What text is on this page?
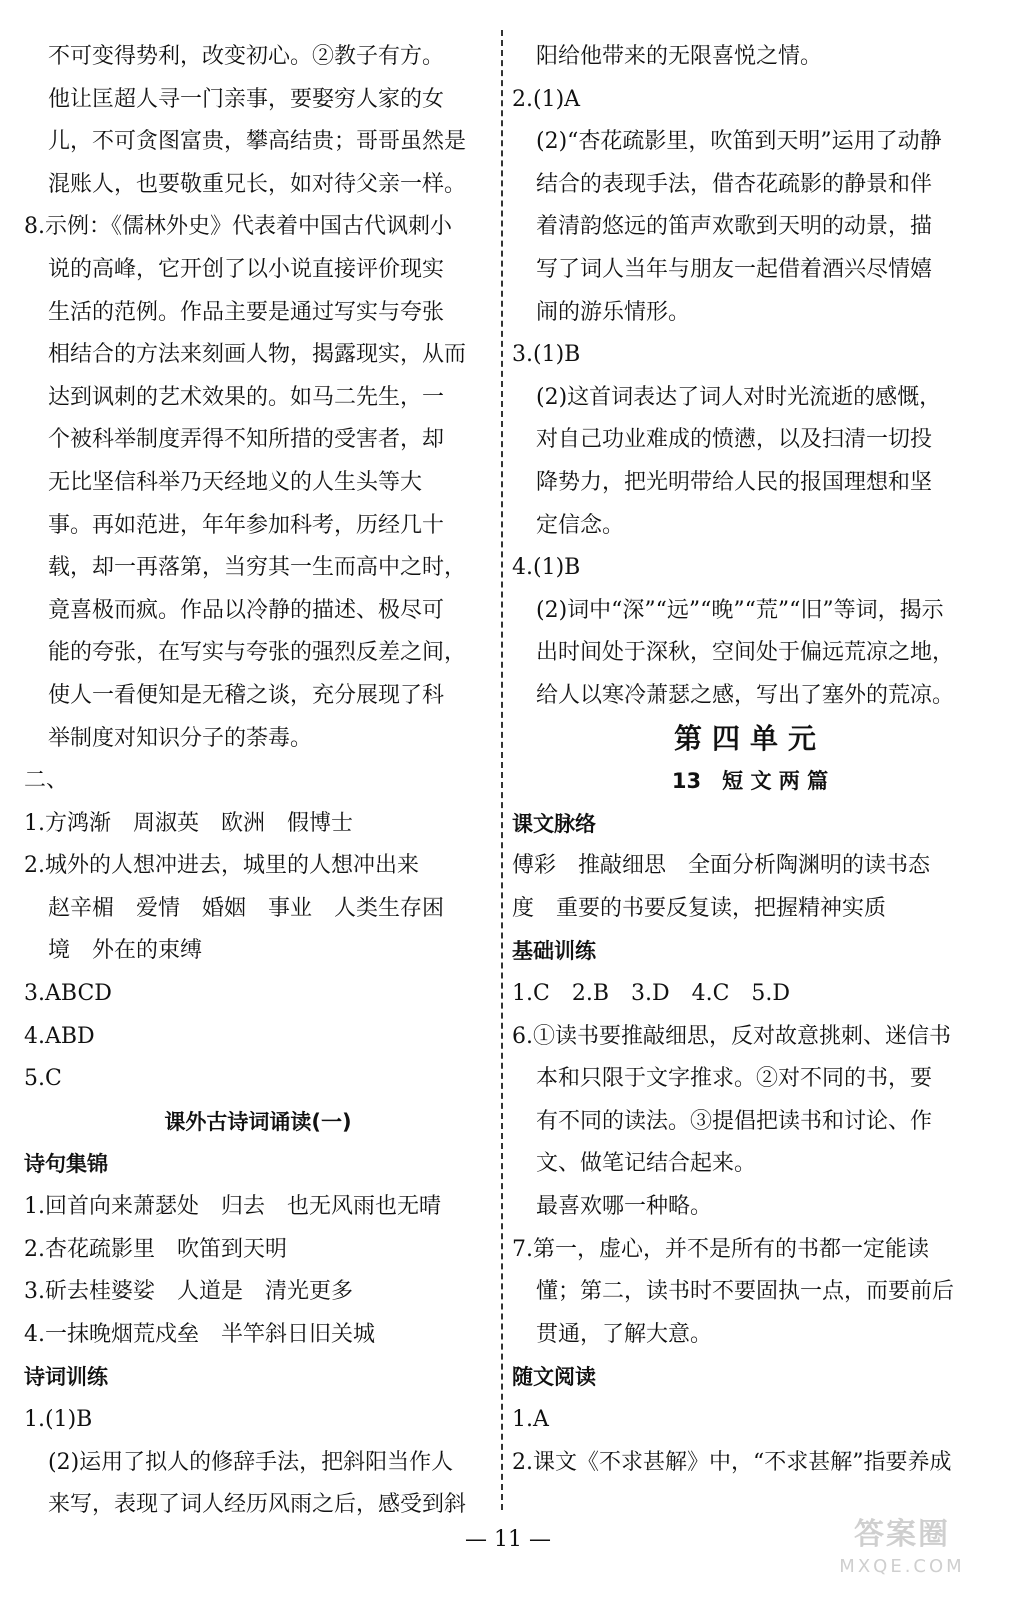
不可变得势利，改变初心。②教子有方。
他让匡超人寻一门亲事，要娶穷人家的女
儿，不可贪图富贵，攀高结贵；哥哥虽然是
混账人，也要敬重兄长，如对待父亲一样。
8.示例：《儒林外史》代表着中国古代讽刺小
说的高峰，它开创了以小说直接评价现实
生活的范例。作品主要是通过写实与夸张
相结合的方法来刻画人物，揭露现实，从而
达到讽刺的艺术效果的。如马二先生，一
个被科举制度弄得不知所措的受害者，却
无比坚信科举乃天经地义的人生头等大
事。再如范进，年年参加科考，历经几十
载，却一再落第，当穷其一生而高中之时，
竟喜极而疯。作品以冷静的描述、极尽可
能的夸张，在写实与夸张的强烈反差之间，
使人一看便知是无稽之谈，充分展现了科
举制度对知识分子的荼毒。
二、
1.方鸿渐　周淑英　欧洲　假博士
2.城外的人想冲进去，城里的人想冲出来
赵辛楣　爱情　婚姻　事业　人类生存困
境　外在的束缚
3.ABCD
4.ABD
5.C
课外古诗词诵读(一)
诗句集锦
1.回首向来萧瑟处　归去　也无风雨也无晴
2.杏花疏影里　吹笛到天明
3.斫去桂婆娑　人道是　清光更多
4.一抹晚烟荒戍垒　半竿斜日旧关城
诗词训练
1.(1)B
(2)运用了拟人的修辞手法，把斜阳当作人
来写，表现了词人经历风雨之后，感受到斜
阳给他带来的无限喜悦之情。
2.(1)A
(2)“杏花疏影里，吹笛到天明”运用了动静
结合的表现手法，借杏花疏影的静景和伴
着清韵悠远的笛声欢歌到天明的动景，描
写了词人当年与朋友一起借着酒兴尽情嬉
闹的游乐情形。
3.(1)B
(2)这首词表达了词人对时光流逝的感慨，
对自己功业难成的愤懑，以及扫清一切投
降势力，把光明带给人民的报国理想和坚
定信念。
4.(1)B
(2)词中“深”“远”“晚”“荒”“旧”等词，揭示
出时间处于深秋，空间处于偏远荒凉之地，
给人以寒冷萧瑟之感，写出了塞外的荒凉。
第四单元
13　短 文 两 篇
课文脉络
傅彩　推敲细思　全面分析陶渊明的读书态
度　重要的书要反复读，把握精神实质
基础训练
1.C　2.B　3.D　4.C　5.D
6.①读书要推敲细思，反对故意挑刺、迷信书
本和只限于文字推求。②对不同的书，要
有不同的读法。③提倡把读书和讨论、作
文、做笔记结合起来。
最喜欢哪一种略。
7.第一，虚心，并不是所有的书都一定能读
懂；第二，读书时不要固执一点，而要前后
贯通，了解大意。
随文阅读
1.A
2.课文《不求甚解》中，“不求甚解”指要养成
— 11 —	答案圈
MXQE.COM
